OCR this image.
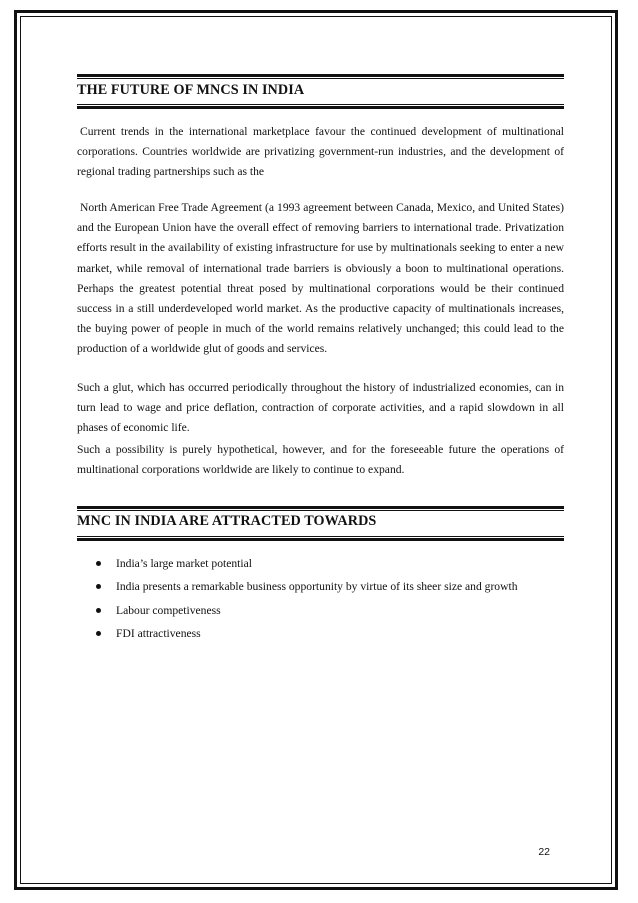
THE FUTURE OF MNCS IN INDIA

Current trends in the international marketplace favour the continued development of multinational corporations. Countries worldwide are privatizing government-run industries, and the development of regional trading partnerships such as the

North American Free Trade Agreement (a 1993 agreement between Canada, Mexico, and United States) and the European Union have the overall effect of removing barriers to international trade. Privatization efforts result in the availability of existing infrastructure for use by multinationals seeking to enter a new market, while removal of international trade barriers is obviously a boon to multinational operations. Perhaps the greatest potential threat posed by multinational corporations would be their continued success in a still underdeveloped world market. As the productive capacity of multinationals increases, the buying power of people in much of the world remains relatively unchanged; this could lead to the production of a worldwide glut of goods and services.

Such a glut, which has occurred periodically throughout the history of industrialized economies, can in turn lead to wage and price deflation, contraction of corporate activities, and a rapid slowdown in all phases of economic life.

Such a possibility is purely hypothetical, however, and for the foreseeable future the operations of multinational corporations worldwide are likely to continue to expand.

MNC IN INDIA ARE ATTRACTED TOWARDS
India’s large market potential
India presents a remarkable business opportunity by virtue of its sheer size and growth
Labour competiveness
FDI attractiveness
22
